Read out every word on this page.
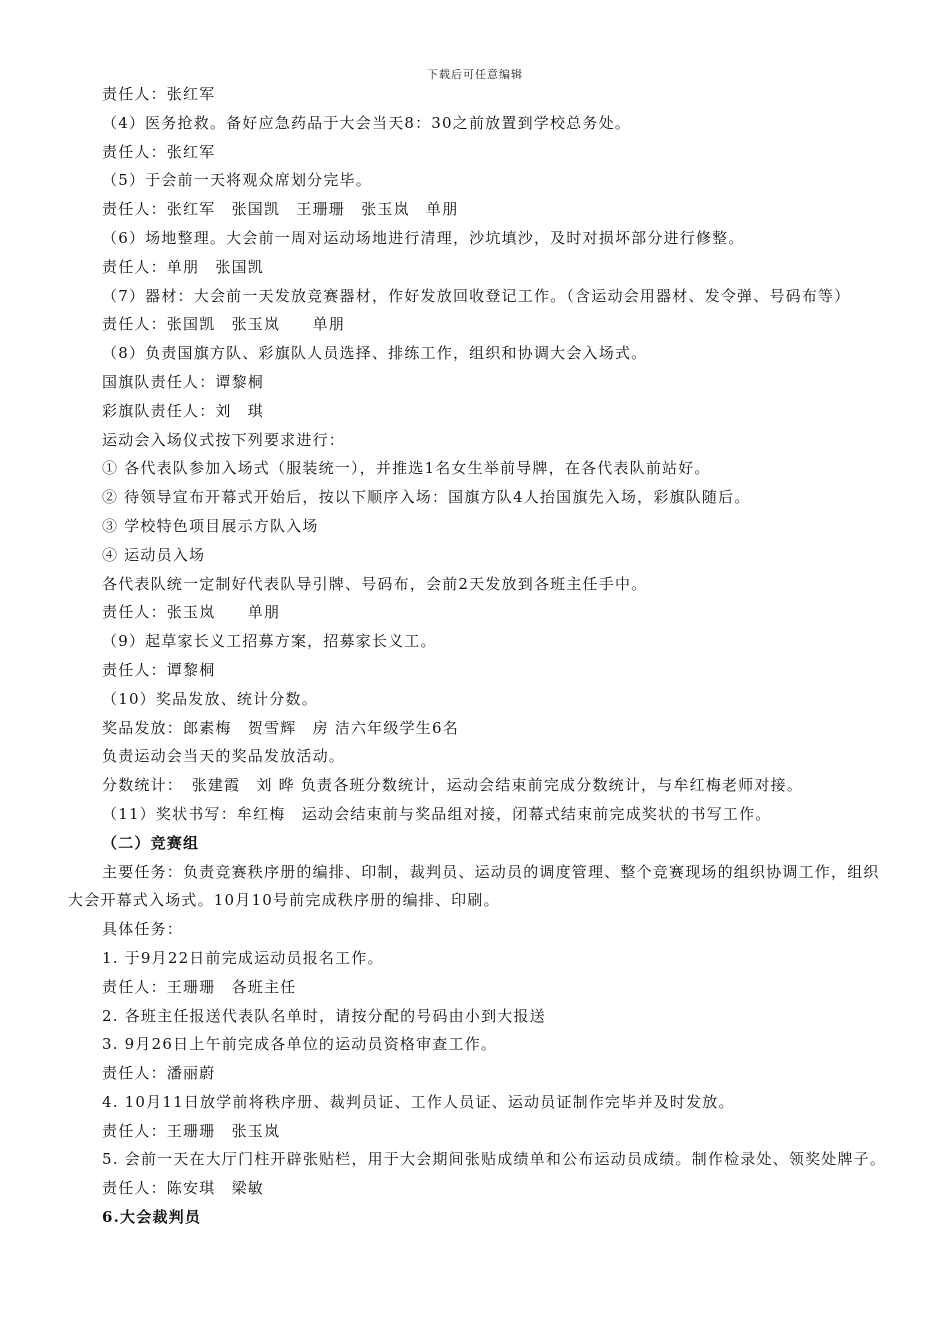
下载后可任意编辑
责任人：张红军
（4）医务抢救。备好应急药品于大会当天8：30之前放置到学校总务处。
责任人：张红军
（5）于会前一天将观众席划分完毕。
责任人：张红军　张国凯　王珊珊　张玉岚　单朋
（6）场地整理。大会前一周对运动场地进行清理，沙坑填沙，及时对损坏部分进行修整。
责任人：单朋　张国凯
（7）器材：大会前一天发放竞赛器材，作好发放回收登记工作。（含运动会用器材、发令弹、号码布等）
责任人：张国凯　张玉岚　　单朋
（8）负责国旗方队、彩旗队人员选择、排练工作，组织和协调大会入场式。
国旗队责任人：谭黎桐
彩旗队责任人：刘　琪
运动会入场仪式按下列要求进行：
① 各代表队参加入场式（服装统一），并推选1名女生举前导牌，在各代表队前站好。
② 待领导宣布开幕式开始后，按以下顺序入场：国旗方队4人抬国旗先入场，彩旗队随后。
③ 学校特色项目展示方队入场
④ 运动员入场
各代表队统一定制好代表队导引牌、号码布，会前2天发放到各班主任手中。
责任人：张玉岚　　单朋
（9）起草家长义工招募方案，招募家长义工。
责任人：谭黎桐
（10）奖品发放、统计分数。
奖品发放：郎素梅　贺雪辉　房 洁六年级学生6名
负责运动会当天的奖品发放活动。
分数统计：　张建霞　刘 晔 负责各班分数统计，运动会结束前完成分数统计，与牟红梅老师对接。
（11）奖状书写：牟红梅　运动会结束前与奖品组对接，闭幕式结束前完成奖状的书写工作。
（二）竞赛组
主要任务：负责竞赛秩序册的编排、印制，裁判员、运动员的调度管理、整个竞赛现场的组织协调工作，组织大会开幕式入场式。10月10号前完成秩序册的编排、印刷。
具体任务：
1. 于9月22日前完成运动员报名工作。
责任人：王珊珊　各班主任
2. 各班主任报送代表队名单时，请按分配的号码由小到大报送
3. 9月26日上午前完成各单位的运动员资格审查工作。
责任人：潘丽蔚
4. 10月11日放学前将秩序册、裁判员证、工作人员证、运动员证制作完毕并及时发放。
责任人：王珊珊　张玉岚
5. 会前一天在大厅门柱开辟张贴栏，用于大会期间张贴成绩单和公布运动员成绩。制作检录处、领奖处牌子。
责任人：陈安琪　梁敏
6.大会裁判员
